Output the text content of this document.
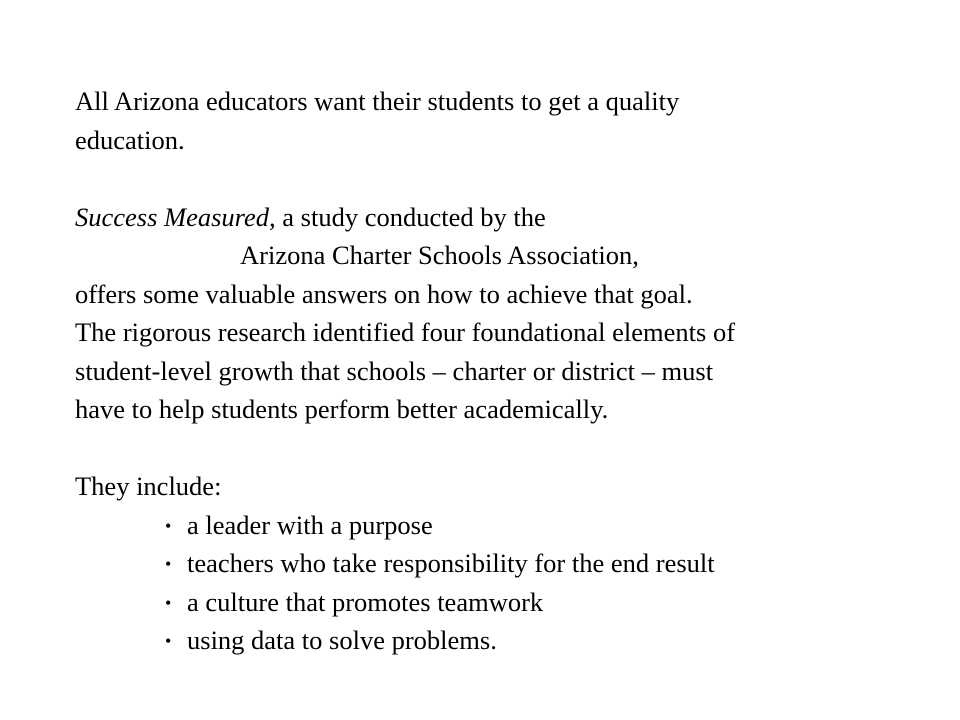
All Arizona educators want their students to get a quality
education.
Success Measured, a study conducted by the
Arizona Charter Schools Association,
offers some valuable answers on how to achieve that goal.
The rigorous research identified four foundational elements of
student-level growth that schools – charter or district – must
have to help students perform better academically.
They include:
• a leader with a purpose
• teachers who take responsibility for the end result
• a culture that promotes teamwork
• using data to solve problems.
